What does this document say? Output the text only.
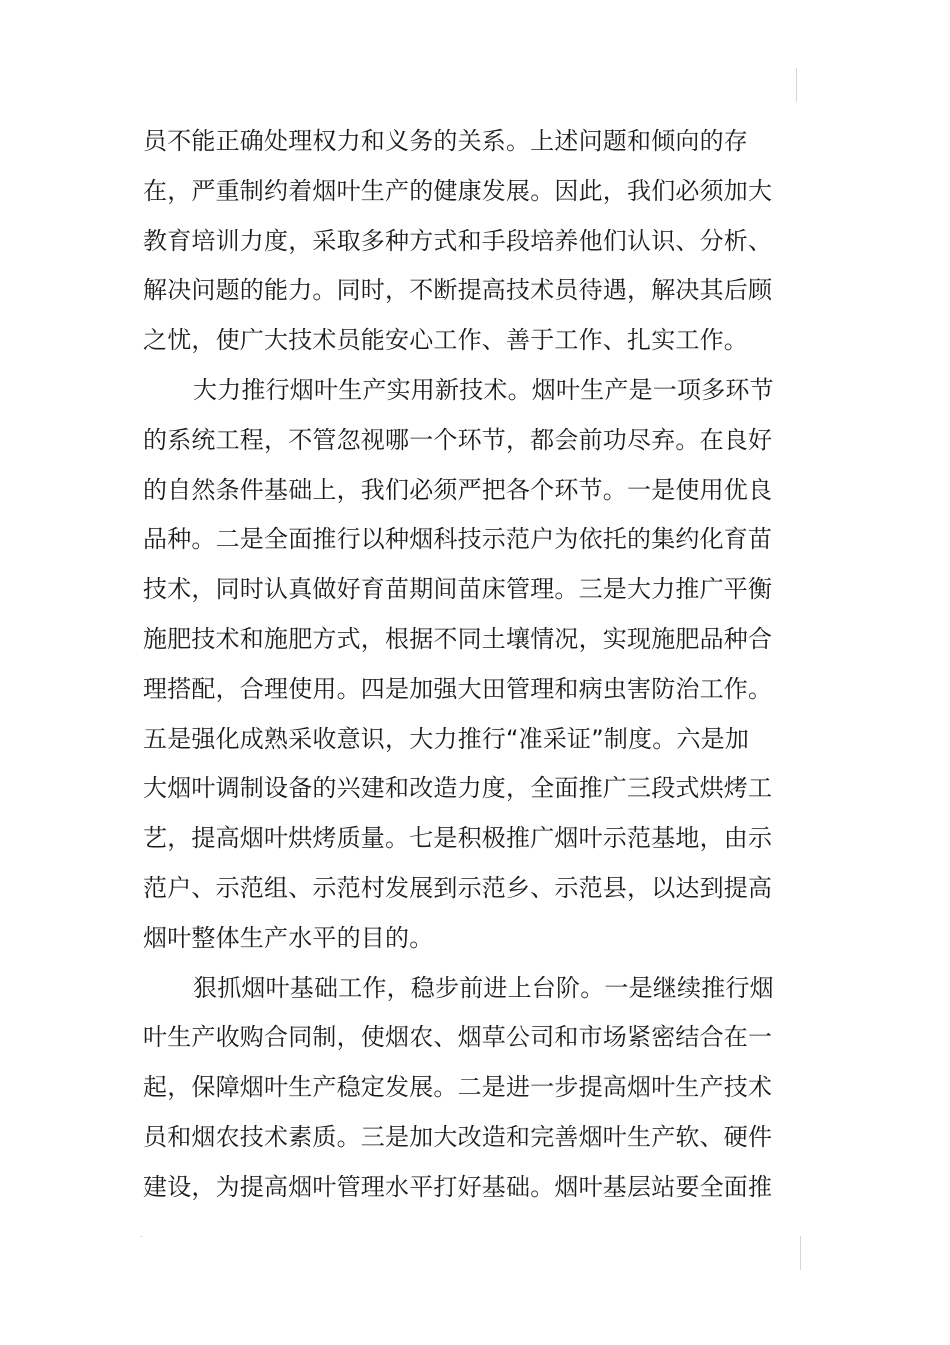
员不能正确处理权力和义务的关系。上述问题和倾向的存
在，严重制约着烟叶生产的健康发展。因此，我们必须加大
教育培训力度，采取多种方式和手段培养他们认识、分析、
解决问题的能力。同时，不断提高技术员待遇，解决其后顾
之忧，使广大技术员能安心工作、善于工作、扎实工作。
大力推行烟叶生产实用新技术。烟叶生产是一项多环节
的系统工程，不管忽视哪一个环节，都会前功尽弃。在良好
的自然条件基础上，我们必须严把各个环节。一是使用优良
品种。二是全面推行以种烟科技示范户为依托的集约化育苗
技术，同时认真做好育苗期间苗床管理。三是大力推广平衡
施肥技术和施肥方式，根据不同土壤情况，实现施肥品种合
理搭配，合理使用。四是加强大田管理和病虫害防治工作。
五是强化成熟采收意识，大力推行“准采证”制度。六是加
大烟叶调制设备的兴建和改造力度，全面推广三段式烘烤工
艺，提高烟叶烘烤质量。七是积极推广烟叶示范基地，由示
范户、示范组、示范村发展到示范乡、示范县，以达到提高
烟叶整体生产水平的目的。
狠抓烟叶基础工作，稳步前进上台阶。一是继续推行烟
叶生产收购合同制，使烟农、烟草公司和市场紧密结合在一
起，保障烟叶生产稳定发展。二是进一步提高烟叶生产技术
员和烟农技术素质。三是加大改造和完善烟叶生产软、硬件
建设，为提高烟叶管理水平打好基础。烟叶基层站要全面推
